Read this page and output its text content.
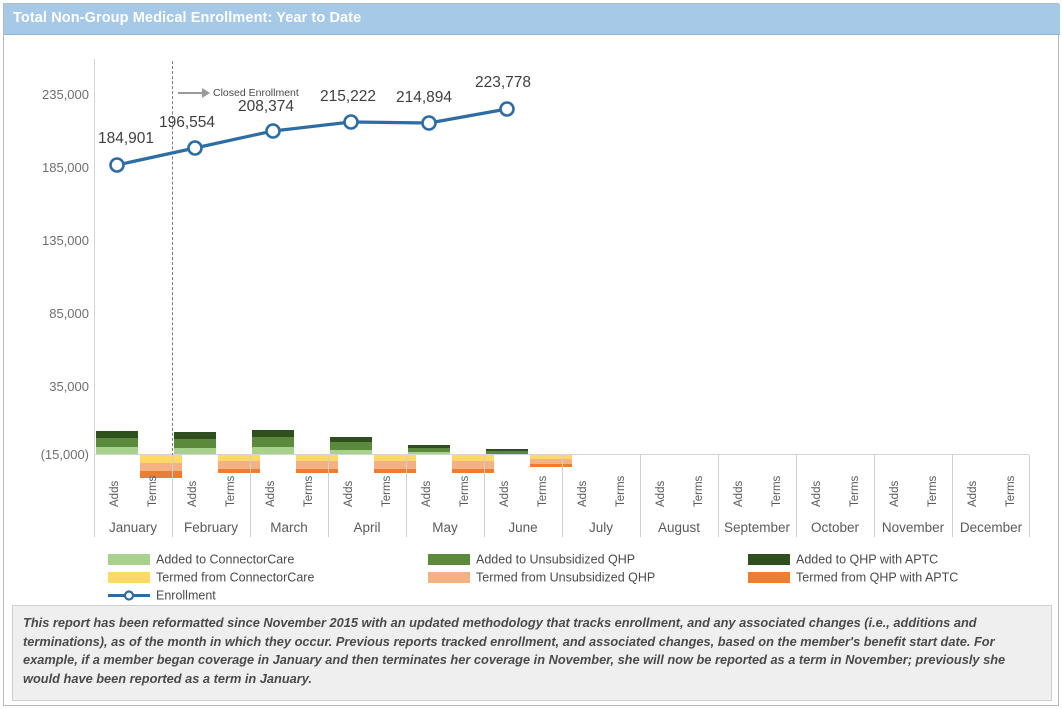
Total Non-Group Medical Enrollment: Year to Date
235,000
185,000
135,000
85,000
35,000
(15,000)
Closed Enrollment
184,901
196,554
208,374
215,222 214,894
223,778
Adds Terms Adds Terms Adds Terms Adds Terms Adds Terms Adds Terms Adds Terms Adds Terms Adds Terms Adds Terms Adds Terms Adds Terms
January	February	March	April	May	June	July	August	September	October	November	December
Added to ConnectorCare	Added to Unsubsidized QHP	Added to QHP with APTC
Termed from ConnectorCare	Termed from Unsubsidized QHP	Termed from QHP with APTC
Enrollment
This report has been reformatted since November 2015 with an updated methodology that tracks enrollment, and any associated changes (i.e., additions and terminations), as of the month in which they occur. Previous reports tracked enrollment, and associated changes, based on the member's benefit start date. For example, if a member began coverage in January and then terminates her coverage in November, she will now be reported as a term in November; previously she would have been reported as a term in January.
